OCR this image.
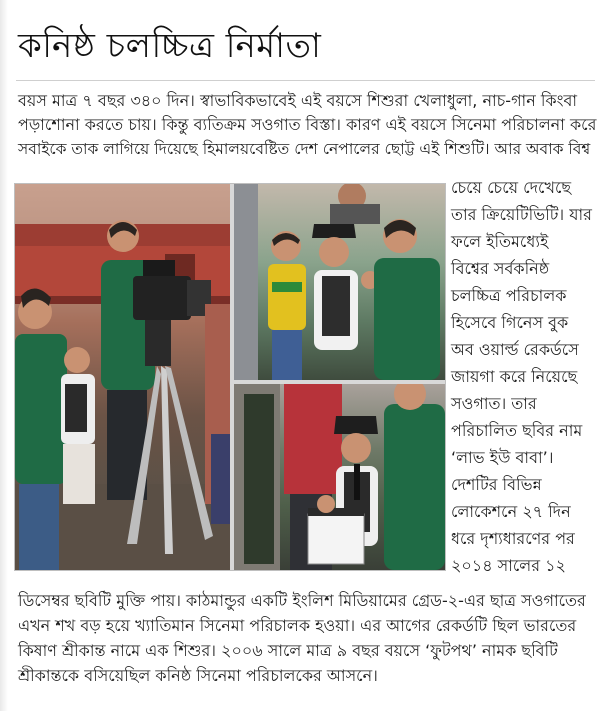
কনিষ্ঠ চলচ্চিত্র নির্মাতা

বয়স মাত্র ৭ বছর ৩৪০ দিন। স্বাভাবিকভাবেই এই বয়সে শিশুরা খেলাধুলা, নাচ-গান কিংবা

পড়াশোনা করতে চায়। কিন্তু ব্যতিক্রম সওগাত বিস্তা। কারণ এই বয়সে সিনেমা পরিচালনা করে

সবাইকে তাক লাগিয়ে দিয়েছে হিমালয়বেষ্টিত দেশ নেপালের ছোট্ট এই শিশুটি। আর অবাক বিশ্ব

চেয়ে চেয়ে দেখেছে

তার ক্রিয়েটিভিটি। যার

ফলে ইতিমধ্যেই

বিশ্বের সর্বকনিষ্ঠ

চলচ্চিত্র পরিচালক

হিসেবে গিনেস বুক

অব ওয়ার্ল্ড রেকর্ডসে

জায়গা করে নিয়েছে

সওগাত। তার

পরিচালিত ছবির নাম

‘লাভ ইউ বাবা’।

দেশটির বিভিন্ন

লোকেশনে ২৭ দিন

ধরে দৃশ্যধারণের পর

২০১৪ সালের ১২

ডিসেম্বর ছবিটি মুক্তি পায়। কাঠমান্ডুর একটি ইংলিশ মিডিয়ামের গ্রেড-২-এর ছাত্র সওগাতের

এখন শখ বড় হয়ে খ্যাতিমান সিনেমা পরিচালক হওয়া। এর আগের রেকর্ডটি ছিল ভারতের

কিষাণ শ্রীকান্ত নামে এক শিশুর। ২০০৬ সালে মাত্র ৯ বছর বয়সে ‘ফুটপথ’ নামক ছবিটি

শ্রীকান্তকে বসিয়েছিল কনিষ্ঠ সিনেমা পরিচালকের আসনে।
